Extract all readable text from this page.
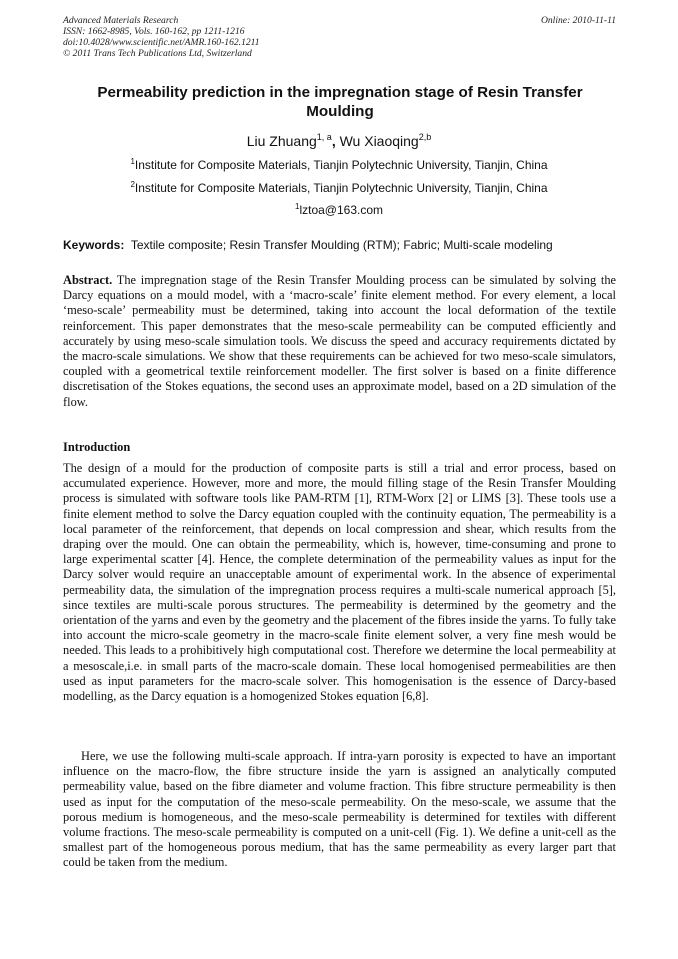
Advanced Materials Research
ISSN: 1662-8985, Vols. 160-162, pp 1211-1216
doi:10.4028/www.scientific.net/AMR.160-162.1211
© 2011 Trans Tech Publications Ltd, Switzerland
Online: 2010-11-11
Permeability prediction in the impregnation stage of Resin Transfer Moulding
Liu Zhuang$^{1, a}$, Wu Xiaoqing$^{2,b}$
$^1$Institute for Composite Materials, Tianjin Polytechnic University, Tianjin, China
$^2$Institute for Composite Materials, Tianjin Polytechnic University, Tianjin, China
$^1$lztoa@163.com
Keywords: Textile composite; Resin Transfer Moulding (RTM); Fabric; Multi-scale modeling
Abstract. The impregnation stage of the Resin Transfer Moulding process can be simulated by solving the Darcy equations on a mould model, with a ‘macro-scale’ finite element method. For every element, a local ‘meso-scale’ permeability must be determined, taking into account the local deformation of the textile reinforcement. This paper demonstrates that the meso-scale permeability can be computed efficiently and accurately by using meso-scale simulation tools. We discuss the speed and accuracy requirements dictated by the macro-scale simulations. We show that these requirements can be achieved for two meso-scale simulators, coupled with a geometrical textile reinforcement modeller. The first solver is based on a finite difference discretisation of the Stokes equations, the second uses an approximate model, based on a 2D simulation of the flow.
Introduction
The design of a mould for the production of composite parts is still a trial and error process, based on accumulated experience. However, more and more, the mould filling stage of the Resin Transfer Moulding process is simulated with software tools like PAM-RTM [1], RTM-Worx [2] or LIMS [3]. These tools use a finite element method to solve the Darcy equation coupled with the continuity equation, The permeability is a local parameter of the reinforcement, that depends on local compression and shear, which results from the draping over the mould. One can obtain the permeability, which is, however, time-consuming and prone to large experimental scatter [4]. Hence, the complete determination of the permeability values as input for the Darcy solver would require an unacceptable amount of experimental work. In the absence of experimental permeability data, the simulation of the impregnation process requires a multi-scale numerical approach [5], since textiles are multi-scale porous structures. The permeability is determined by the geometry and the orientation of the yarns and even by the geometry and the placement of the fibres inside the yarns. To fully take into account the micro-scale geometry in the macro-scale finite element solver, a very fine mesh would be needed. This leads to a prohibitively high computational cost. Therefore we determine the local permeability at a mesoscale,i.e. in small parts of the macro-scale domain. These local homogenised permeabilities are then used as input parameters for the macro-scale solver. This homogenisation is the essence of Darcy-based modelling, as the Darcy equation is a homogenized Stokes equation [6,8].
Here, we use the following multi-scale approach. If intra-yarn porosity is expected to have an important influence on the macro-flow, the fibre structure inside the yarn is assigned an analytically computed permeability value, based on the fibre diameter and volume fraction. This fibre structure permeability is then used as input for the computation of the meso-scale permeability. On the meso-scale, we assume that the porous medium is homogeneous, and the meso-scale permeability is determined for textiles with different volume fractions. The meso-scale permeability is computed on a unit-cell (Fig. 1). We define a unit-cell as the smallest part of the homogeneous porous medium, that has the same permeability as every larger part that could be taken from the medium.
